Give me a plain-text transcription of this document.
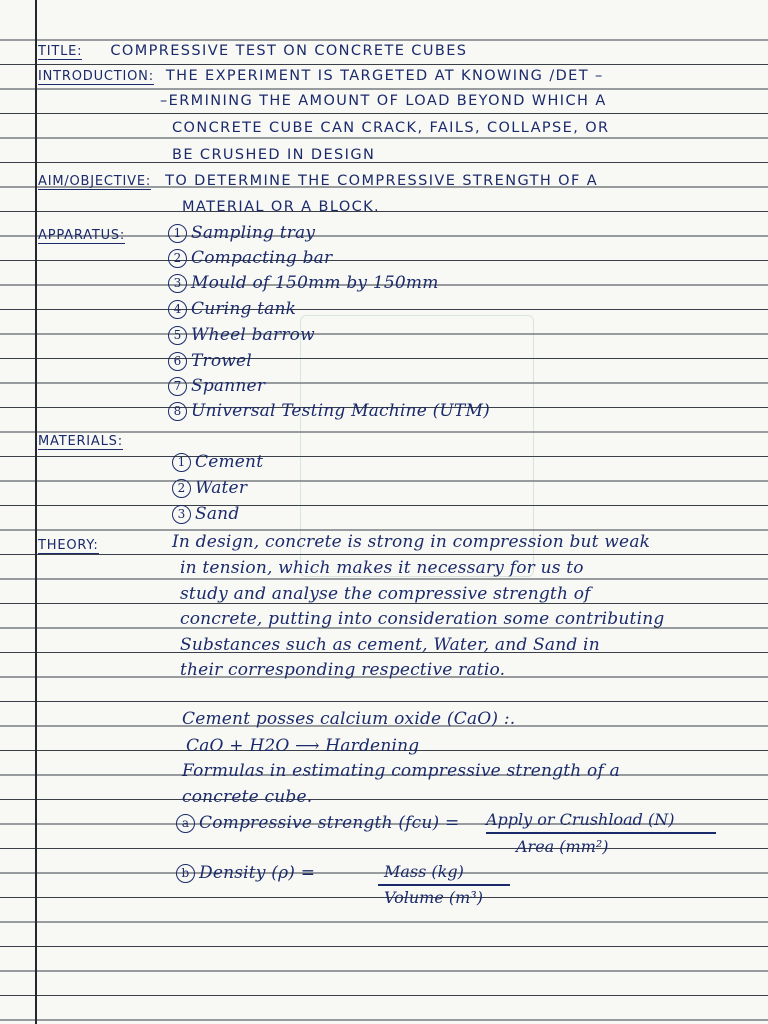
TITLE: COMPRESSIVE TEST ON CONCRETE CUBES

INTRODUCTION: THE EXPERIMENT IS TARGETED AT KNOWING /DET –

–ERMINING THE AMOUNT OF LOAD BEYOND WHICH A

CONCRETE CUBE CAN CRACK, FAILS, COLLAPSE, OR

BE CRUSHED IN DESIGN

AIM/OBJECTIVE: TO DETERMINE THE COMPRESSIVE STRENGTH OF A

MATERIAL OR A BLOCK.

APPARATUS:	1 Sampling tray

2 Compacting bar

3 Mould of 150mm by 150mm

4 Curing tank

5 Wheel barrow

6 Trowel

7 Spanner

8 Universal Testing Machine (UTM)

MATERIALS:

1 Cement

2 Water

3 Sand

THEORY:	In design, concrete is strong in compression but weak

in tension, which makes it necessary for us to

study and analyse the compressive strength of

concrete, putting into consideration some contributing

Substances such as cement, Water, and Sand in

their corresponding respective ratio.

Cement posses calcium oxide (CaO) :.

CaO + H2O ⟶ Hardening

Formulas in estimating compressive strength of a

concrete cube.

a Compressive strength (fcu) = Apply or Crushload (N)
Area (mm²)

b Density (ρ) =	Mass (kg)
Volume (m³)
